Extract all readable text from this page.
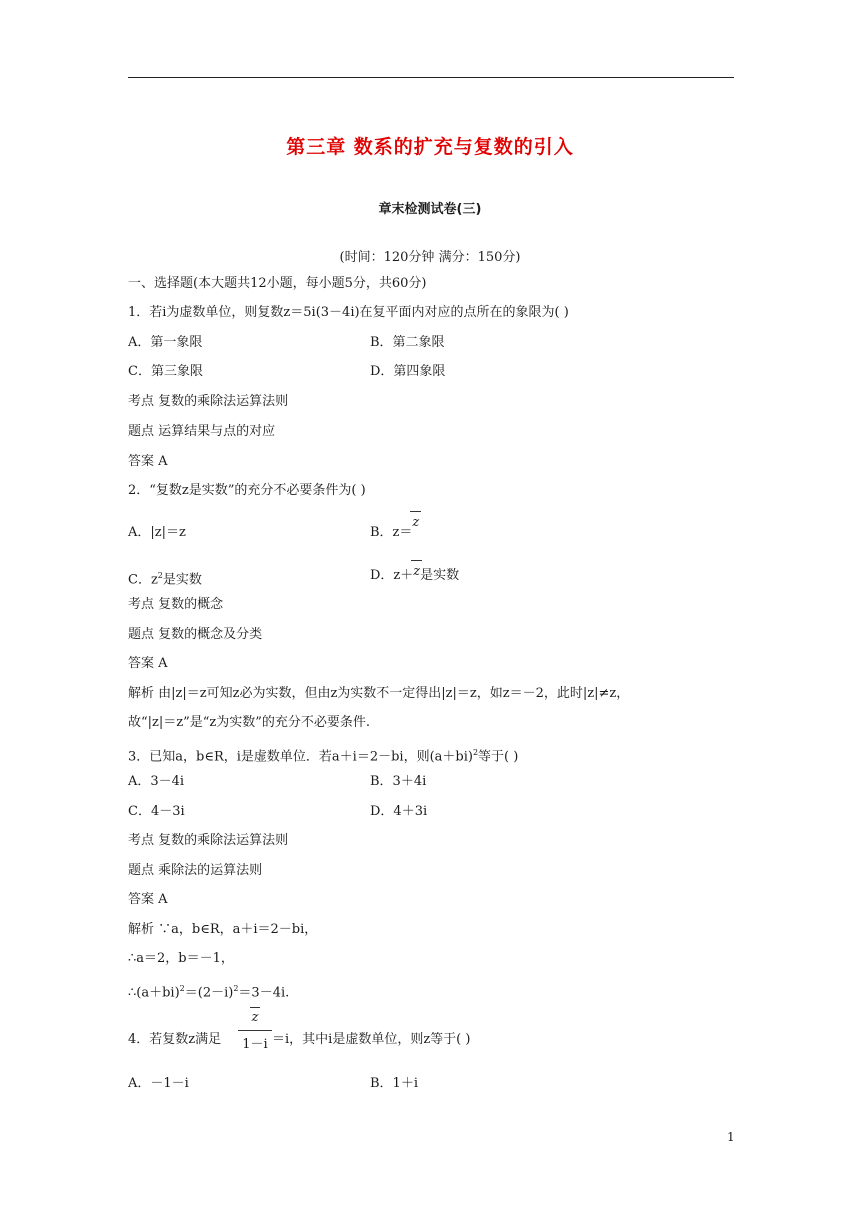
第三章 数系的扩充与复数的引入
章末检测试卷(三)
(时间：120分钟 满分：150分)
一、选择题(本大题共12小题，每小题5分，共60分)
1．若i为虚数单位，则复数z＝5i(3－4i)在复平面内对应的点所在的象限为( )
A．第一象限	B．第二象限
C．第三象限	D．第四象限
考点 复数的乘除法运算法则
题点 运算结果与点的对应
答案 A
2．“复数z是实数”的充分不必要条件为( )
A．|z|＝z	B．z＝z
C．$z^2$是实数	D．z＋z是实数
考点 复数的概念
题点 复数的概念及分类
答案 A
解析 由|z|＝z可知z必为实数，但由z为实数不一定得出|z|＝z，如z＝－2，此时|z|≠z，
故“|z|＝z”是“z为实数”的充分不必要条件.
3．已知a，b∈R，i是虚数单位．若a＋i＝2－bi，则$(a+bi)^2$等于( )
A．3－4i	B．3＋4i
C．4－3i	D．4＋3i
考点 复数的乘除法运算法则
题点 乘除法的运算法则
答案 A
解析 ∵a，b∈R，a＋i＝2－bi，
∴a＝2，b＝－1，
$\therefore(a+bi)^2=(2-i)^2=3-4i$.
4．若复数z满足
z
1－i ＝i，其中i是虚数单位，则z等于( )
A．－1－i	B．1＋i
1
